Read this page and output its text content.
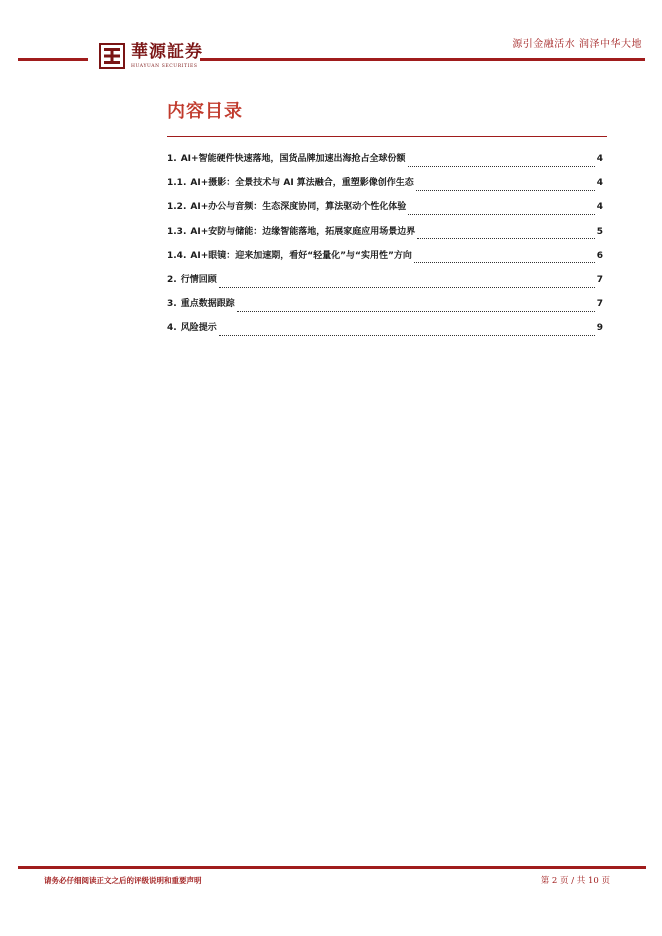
華源証券
HUAYUAN SECURITIES
源引金融活水 润泽中华大地
内容目录
1. AI+智能硬件快速落地，国货品牌加速出海抢占全球份额	4
1.1. AI+摄影：全景技术与 AI 算法融合，重塑影像创作生态	4
1.2. AI+办公与音频：生态深度协同，算法驱动个性化体验	4
1.3. AI+安防与储能：边缘智能落地，拓展家庭应用场景边界	5
1.4. AI+眼镜：迎来加速期，看好“轻量化”与“实用性”方向	6
2. 行情回顾	7
3. 重点数据跟踪	7
4. 风险提示	9
请务必仔细阅读正文之后的评级说明和重要声明	第 2 页 / 共 10 页
